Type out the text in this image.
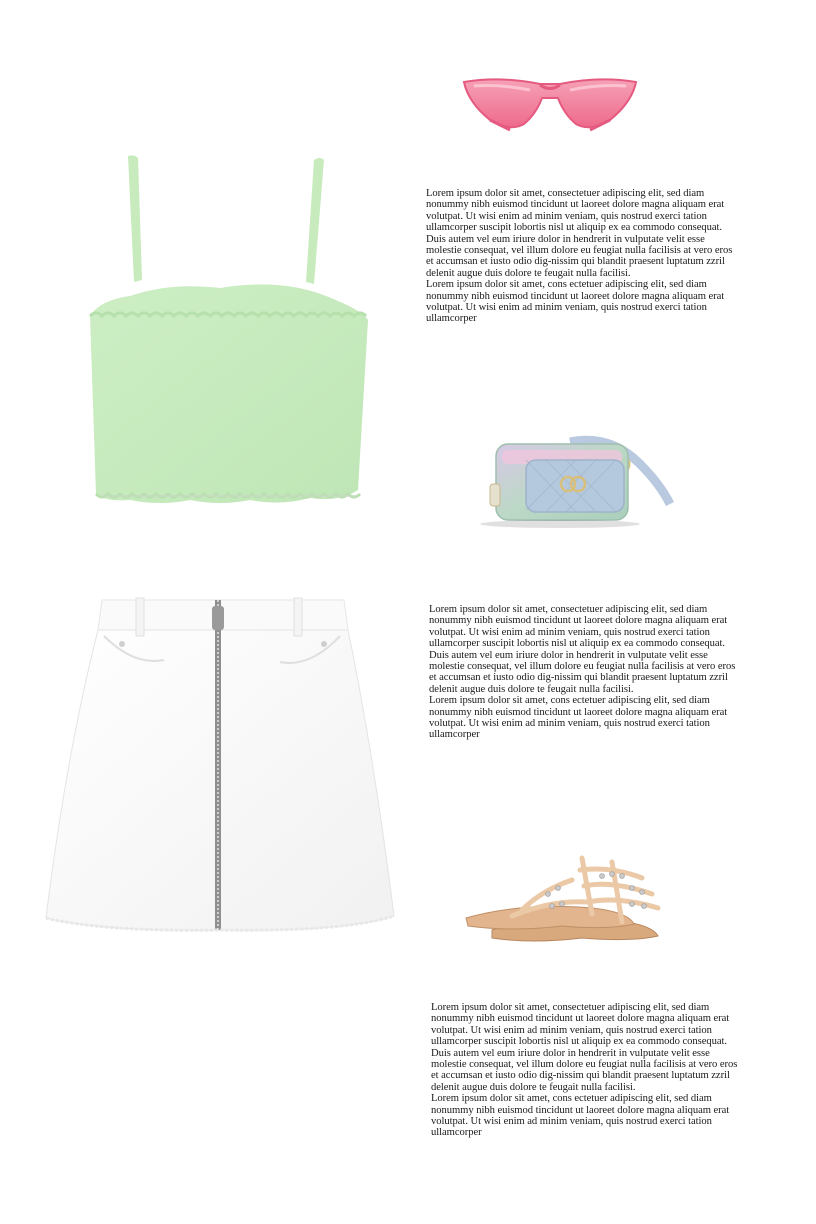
Lorem ipsum dolor sit amet, consectetuer adipiscing elit, sed diam nonummy nibh euismod tincidunt ut laoreet dolore magna aliquam erat volutpat. Ut wisi enim ad minim veniam, quis nostrud exerci tation ullamcorper suscipit lobortis nisl ut aliquip ex ea commodo consequat. Duis autem vel eum iriure dolor in hendrerit in vulputate velit esse molestie consequat, vel illum dolore eu feugiat nulla facilisis at vero eros et accumsan et iusto odio dig-nissim qui blandit praesent luptatum zzril delenit augue duis dolore te feugait nulla facilisi.

Lorem ipsum dolor sit amet, cons ectetuer adipiscing elit, sed diam nonummy nibh euismod tincidunt ut laoreet dolore magna aliquam erat volutpat. Ut wisi enim ad minim veniam, quis nostrud exerci tation ullamcorper

Lorem ipsum dolor sit amet, consectetuer adipiscing elit, sed diam nonummy nibh euismod tincidunt ut laoreet dolore magna aliquam erat volutpat. Ut wisi enim ad minim veniam, quis nostrud exerci tation ullamcorper suscipit lobortis nisl ut aliquip ex ea commodo consequat. Duis autem vel eum iriure dolor in hendrerit in vulputate velit esse molestie consequat, vel illum dolore eu feugiat nulla facilisis at vero eros et accumsan et iusto odio dig-nissim qui blandit praesent luptatum zzril delenit augue duis dolore te feugait nulla facilisi.

Lorem ipsum dolor sit amet, cons ectetuer adipiscing elit, sed diam nonummy nibh euismod tincidunt ut laoreet dolore magna aliquam erat volutpat. Ut wisi enim ad minim veniam, quis nostrud exerci tation ullamcorper

Lorem ipsum dolor sit amet, consectetuer adipiscing elit, sed diam nonummy nibh euismod tincidunt ut laoreet dolore magna aliquam erat volutpat. Ut wisi enim ad minim veniam, quis nostrud exerci tation ullamcorper suscipit lobortis nisl ut aliquip ex ea commodo consequat. Duis autem vel eum iriure dolor in hendrerit in vulputate velit esse molestie consequat, vel illum dolore eu feugiat nulla facilisis at vero eros et accumsan et iusto odio dig-nissim qui blandit praesent luptatum zzril delenit augue duis dolore te feugait nulla facilisi.

Lorem ipsum dolor sit amet, cons ectetuer adipiscing elit, sed diam nonummy nibh euismod tincidunt ut laoreet dolore magna aliquam erat volutpat. Ut wisi enim ad minim veniam, quis nostrud exerci tation ullamcorper
